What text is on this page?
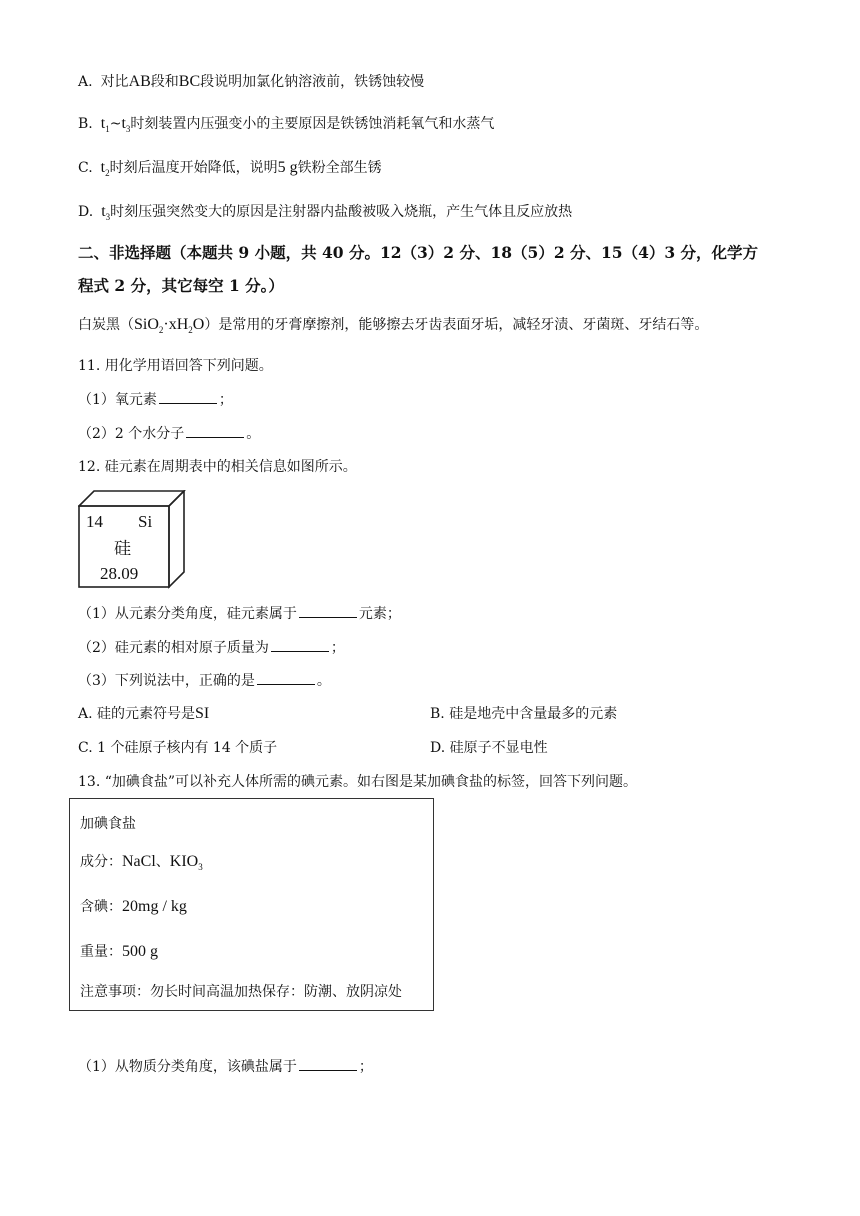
A. 对比AB段和BC段说明加氯化钠溶液前，铁锈蚀较慢
B. $t_1\sim t_3$时刻装置内压强变小的主要原因是铁锈蚀消耗氧气和水蒸气
C. $t_2$时刻后温度开始降低，说明5 g铁粉全部生锈
D. $t_3$时刻压强突然变大的原因是注射器内盐酸被吸入烧瓶，产生气体且反应放热
二、非选择题（本题共 9 小题，共 40 分。12（3）2 分、18（5）2 分、15（4）3 分，化学方
程式 2 分，其它每空 1 分。）
白炭黑$(SiO_2\cdot xH_2O)$是常用的牙膏摩擦剂，能够擦去牙齿表面牙垢，减轻牙渍、牙菌斑、牙结石等。
11. 用化学用语回答下列问题。
（1）氧元素	；
（2）2 个水分子	。
12. 硅元素在周期表中的相关信息如图所示。
14 Si
硅
28.09
（1）从元素分类角度，硅元素属于	元素；
（2）硅元素的相对原子质量为	；
（3）下列说法中，正确的是	。
A. 硅的元素符号是SI	B. 硅是地壳中含量最多的元素
C. 1 个硅原子核内有 14 个质子	D. 硅原子不显电性
13. “加碘食盐”可以补充人体所需的碘元素。如右图是某加碘食盐的标签，回答下列问题。
加碘食盐
成分：NaCl、$KIO_3$
含碘：20mg / kg
重量：500 g
注意事项：勿长时间高温加热保存：防潮、放阴凉处
（1）从物质分类角度，该碘盐属于	；
